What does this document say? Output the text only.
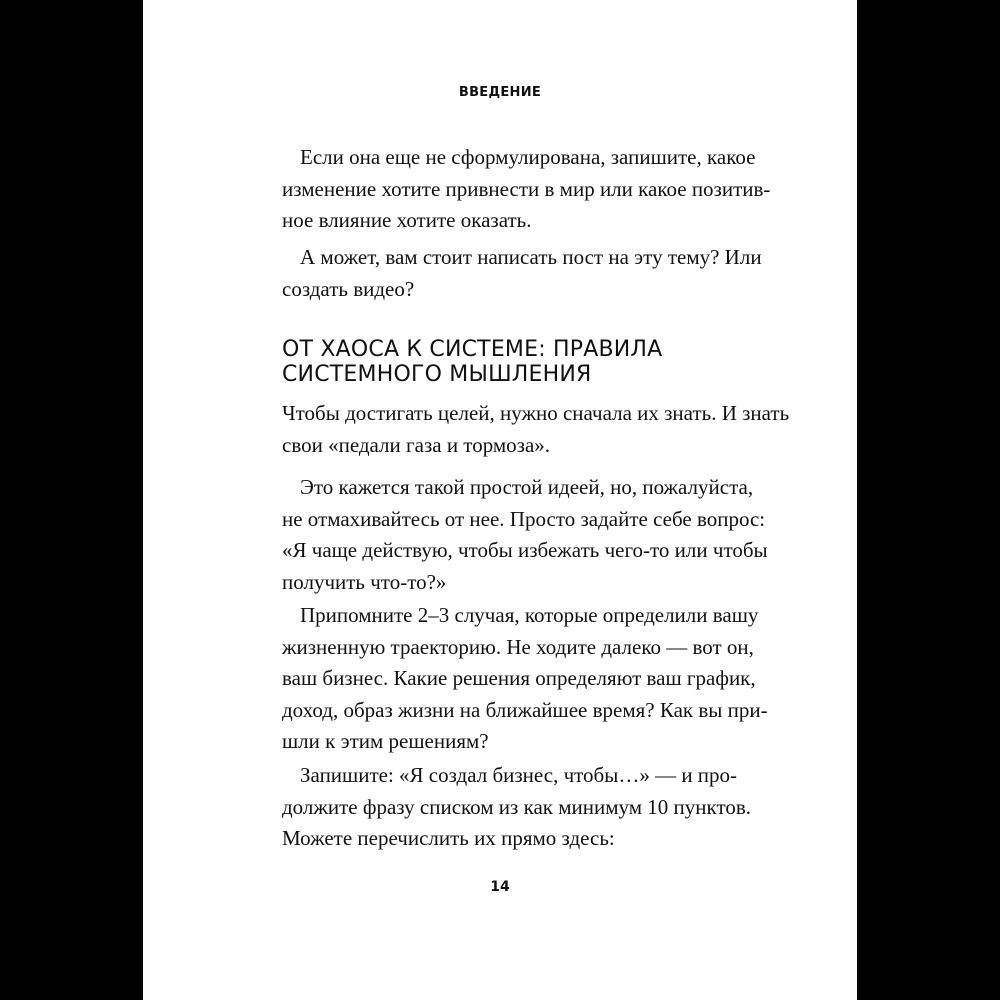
ВВЕДЕНИЕ

Если она еще не сформулирована, запишите, какое
изменение хотите привнести в мир или какое позитив-
ное влияние хотите оказать.

А может, вам стоит написать пост на эту тему? Или
создать видео?

ОТ ХАОСА К СИСТЕМЕ: ПРАВИЛА
СИСТЕМНОГО МЫШЛЕНИЯ

Чтобы достигать целей, нужно сначала их знать. И знать
свои «педали газа и тормоза».

Это кажется такой простой идеей, но, пожалуйста,
не отмахивайтесь от нее. Просто задайте себе вопрос:
«Я чаще действую, чтобы избежать чего-то или чтобы
получить что-то?»

Припомните 2–3 случая, которые определили вашу
жизненную траекторию. Не ходите далеко — вот он,
ваш бизнес. Какие решения определяют ваш график,
доход, образ жизни на ближайшее время? Как вы при-
шли к этим решениям?

Запишите: «Я создал бизнес, чтобы…» — и про-
должите фразу списком из как минимум 10 пунктов.
Можете перечислить их прямо здесь:

14
